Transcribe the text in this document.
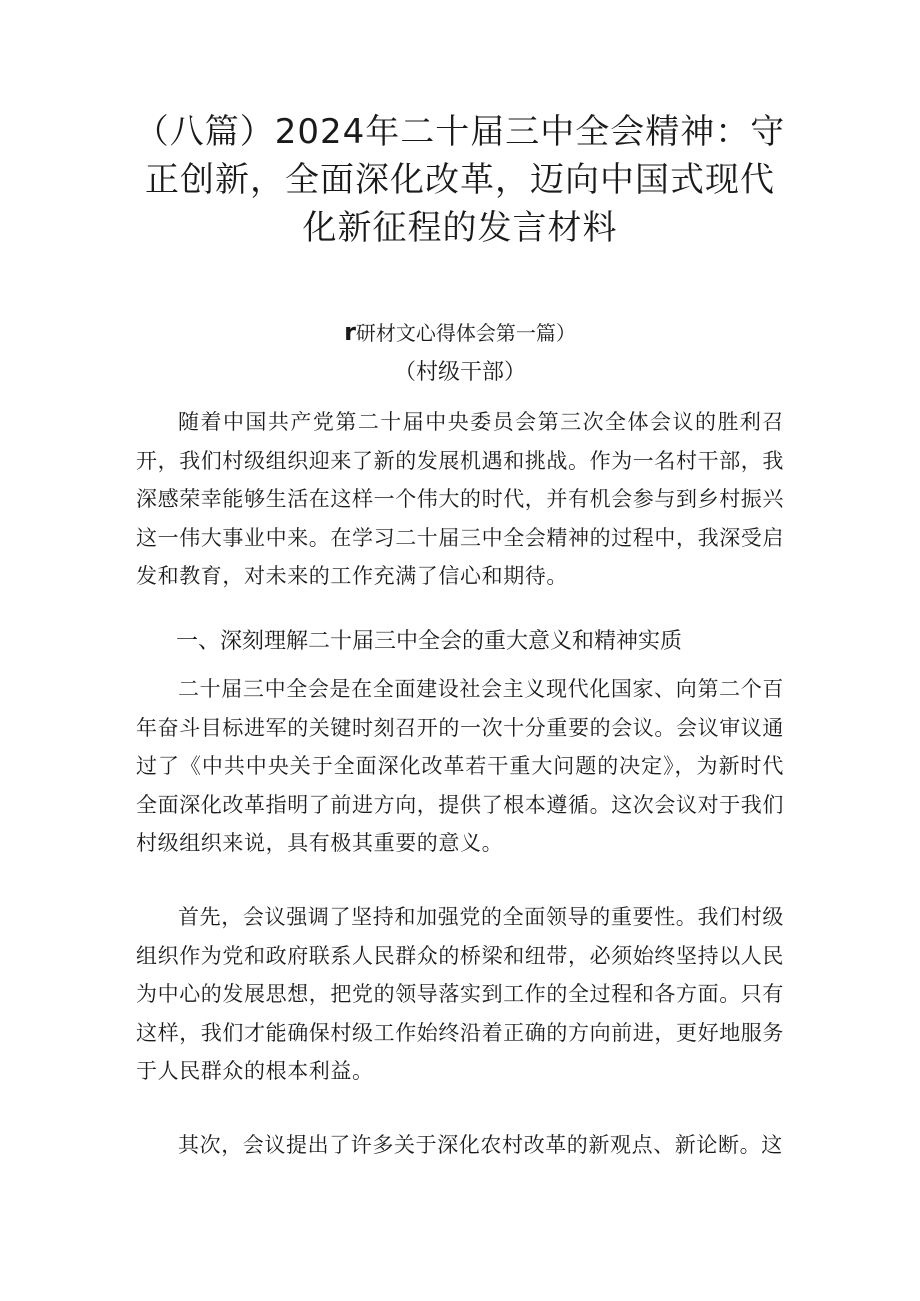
（八篇）2024年二十届三中全会精神：守正创新，全面深化改革，迈向中国式现代化新征程的发言材料
r研材文心得体会第一篇）
（村级干部）

随着中国共产党第二十届中央委员会第三次全体会议的胜利召开，我们村级组织迎来了新的发展机遇和挑战。作为一名村干部，我深感荣幸能够生活在这样一个伟大的时代，并有机会参与到乡村振兴这一伟大事业中来。在学习二十届三中全会精神的过程中，我深受启发和教育，对未来的工作充满了信心和期待。

一、深刻理解二十届三中全会的重大意义和精神实质

二十届三中全会是在全面建设社会主义现代化国家、向第二个百年奋斗目标进军的关键时刻召开的一次十分重要的会议。会议审议通过了《中共中央关于全面深化改革若干重大问题的决定》，为新时代全面深化改革指明了前进方向，提供了根本遵循。这次会议对于我们村级组织来说，具有极其重要的意义。

首先，会议强调了坚持和加强党的全面领导的重要性。我们村级组织作为党和政府联系人民群众的桥梁和纽带，必须始终坚持以人民为中心的发展思想，把党的领导落实到工作的全过程和各方面。只有这样，我们才能确保村级工作始终沿着正确的方向前进，更好地服务于人民群众的根本利益。

其次，会议提出了许多关于深化农村改革的新观点、新论断。这
